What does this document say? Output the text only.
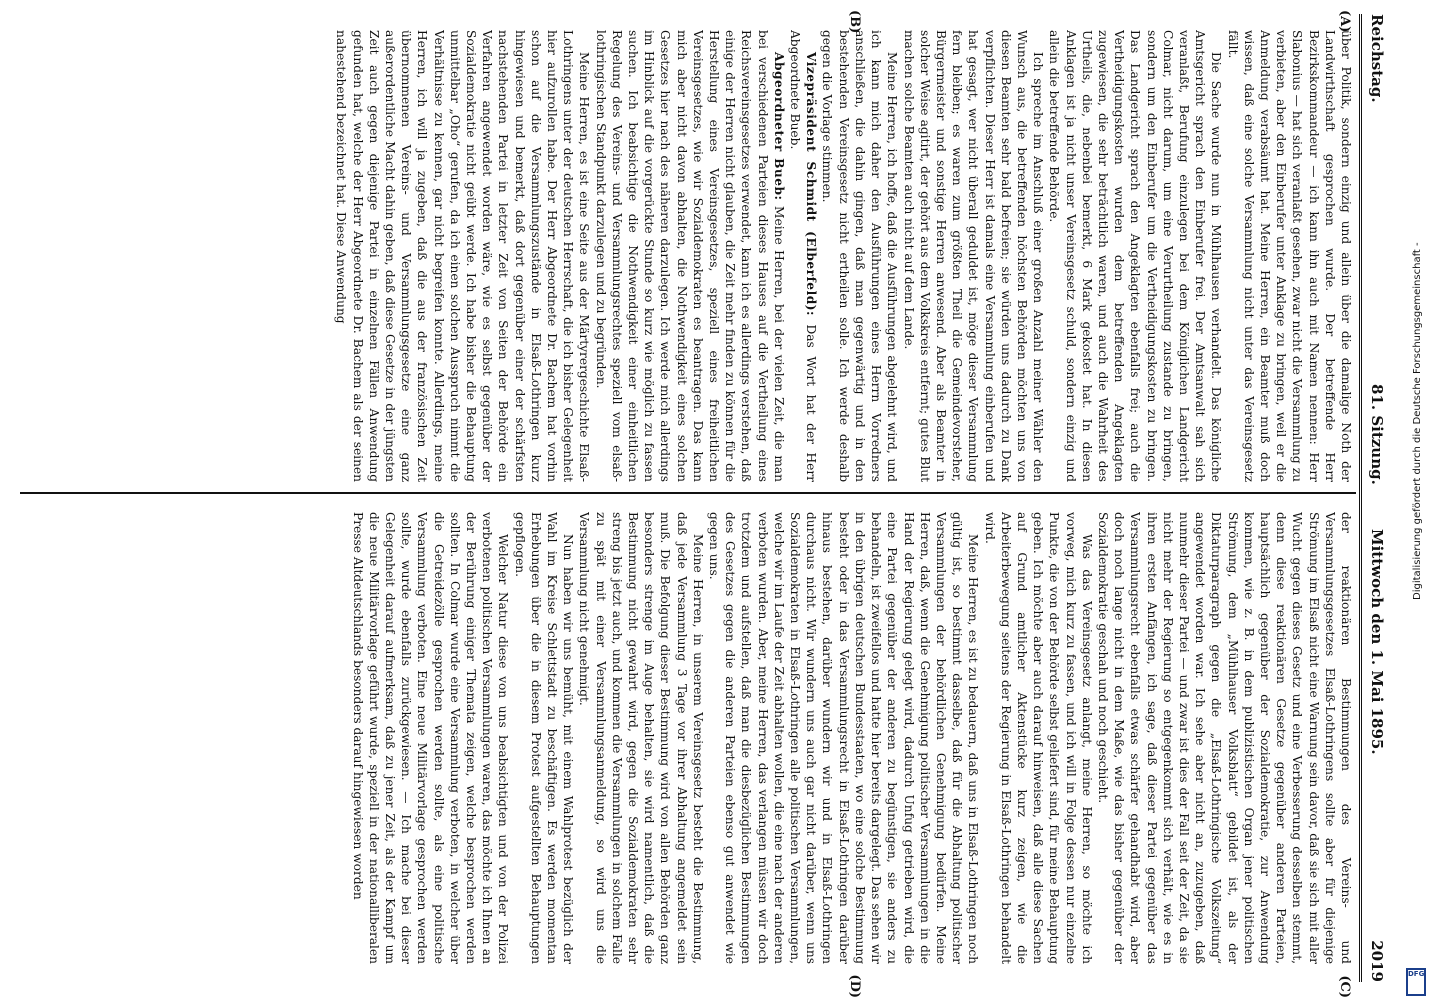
Reichstag.
81. Sitzung.
Mittwoch den 1. Mai 1895.
2019
(A)
(B)
(C)
(D)

über Politik, sondern einzig und allein über die damalige Noth der Landwirthschaft gesprochen wurde. Der betreffende Herr Bezirkskommandeur — ich kann ihn auch mit Namen nennen: Herr Slabonius — hat sich veranlaßt gesehen, zwar nicht die Versammlung zu verbieten, aber den Einberufer unter Anklage zu bringen, weil er die Anmeldung verabsäumt hat. Meine Herren, ein Beamter muß doch wissen, daß eine solche Versammlung nicht unter das Vereinsgesetz fällt.

Die Sache wurde nun in Mühlhausen verhandelt. Das königliche Amtsgericht sprach den Einberufer frei. Der Amtsanwalt sah sich veranlaßt, Berufung einzulegen bei dem Königlichen Landgericht Colmar, nicht darum, um eine Verurtheilung zustande zu bringen, sondern um den Einberufer um die Vertheidigungskosten zu bringen. Das Landgericht sprach den Angeklagten ebenfalls frei; auch die Vertheidigungskosten wurden dem betreffenden Angeklagten zugewiesen, die sehr beträchtlich waren, und auch die Wahrheit des Urtheils, die, nebenbei bemerkt, 6 Mark gekostet hat. In diesen Anklagen ist ja nicht unser Vereinsgesetz schuld, sondern einzig und allein die betreffende Behörde.

Ich spreche im Anschluß einer großen Anzahl meiner Wähler den Wunsch aus, die betreffenden höchsten Behörden möchten uns von diesen Beamten sehr bald befreien; sie würden uns dadurch zu Dank verpflichten. Dieser Herr ist damals eine Versammlung einberufen und hat gesagt, wer nicht überall geduldet ist, möge dieser Versammlung fern bleiben; es waren zum größten Theil die Gemeindevorsteher, Bürgermeister und sonstige Herren anwesend. Aber als Beamter in solcher Weise agitirt, der gehört aus dem Volkskreis entfernt; gutes Blut machen solche Beamten auch nicht auf dem Lande.

Meine Herren, ich hoffe, daß die Ausführungen abgelehnt wird, und ich kann mich daher den Ausführungen eines Herrn Vorredners anschließen, die dahin gingen, daß man gegenwärtig und in den bestehenden Vereinsgesetz nicht ertheilen solle. Ich werde deshalb gegen die Vorlage stimmen.

Vizepräsident Schmidt (Elberfeld): Das Wort hat der Herr Abgeordnete Bueb.

Abgeordneter Bueb: Meine Herren, bei der vielen Zeit, die man bei verschiedenen Parteien dieses Hauses auf die Vertheilung eines Reichsvereinsgesetzes verwendet, kann ich es allerdings verstehen, daß einige der Herren nicht glauben, die Zeit mehr finden zu können für die Herstellung eines Vereinsgesetzes, speziell eines freiheitlichen Vereinsgesetzes, wie wir Sozialdemokraten es beantragen. Das kann mich aber nicht davon abhalten, die Nothwendigkeit eines solchen Gesetzes hier nach des näheren darzulegen. Ich werde mich allerdings im Hinblick auf die vorgerückte Stunde so kurz wie möglich zu fassen suchen. Ich beabsichtige die Nothwendigkeit einer einheitlichen Regelung des Vereins- und Versammlungsrechtes speziell vom elsaß-lothringischen Standpunkt darzulegen und zu begründen.

Meine Herren, es ist eine Seite aus der Märtyrergeschichte Elsaß-Lothringens unter der deutschen Herrschaft, die ich bisher Gelegenheit hier aufzurollen habe. Der Herr Abgeordnete Dr. Bachem hat vorhin schon auf die Versammlungszustände in Elsaß-Lothringen kurz hingewiesen und bemerkt, daß dort gegenüber einer der schärfsten nachstehenden Partei in letzter Zeit von Seiten der Behörde ein Verfahren angewendet worden wäre, wie es selbst gegenüber der Sozialdemokratie nicht geübt werde. Ich habe bisher die Behauptung unmittelbar „Oho“ gerufen, da ich einen solchen Ausspruch nimmt die Verhältnisse zu kennen, gar nicht begreifen konnte. Allerdings, meine Herren, ich will ja zugeben, daß die aus der französischen Zeit übernommenen Vereins- und Versammlungsgesetze eine ganz außerordentliche Macht dahin geben, daß diese Gesetze in der jüngsten Zeit auch gegen diejenige Partei in einzelnen Fällen Anwendung gefunden hat, welche der Herr Abgeordnete Dr. Bachem als der seinen nahestehend bezeichnet hat. Diese Anwendung

der reaktionären Bestimmungen des Vereins- und Versammlungsgesetzes Elsaß-Lothringens sollte aber für diejenige Strömung im Elsaß nicht eine Warnung sein davor, daß sie sich mit aller Wucht gegen dieses Gesetz und eine Verbesserung desselben stemmt, denn diese reaktionären Gesetze gegenüber anderen Parteien, hauptsächlich gegenüber der Sozialdemokratie, zur Anwendung kommen, wie z. B. in dem publizistischen Organ jener politischen Strömung, dem „Mühlhauser Volksblatt“ gebildet ist, als der Diktaturparagraph gegen die „Elsaß-Lothringische Volkszeitung“ angewendet worden war. Ich sehe aber nicht an, zuzugeben, daß nunmehr dieser Partei — und zwar ist dies der Fall seit der Zeit, da sie nicht mehr der Regierung so entgegenkommt sich verhält, wie es in ihren ersten Anfängen, ich sage, daß dieser Partei gegenüber das Versammlungsrecht ebenfalls etwas schärfer gehandhabt wird, aber doch noch lange nicht in dem Maße, wie das bisher gegenüber der Sozialdemokratie geschah und noch geschieht.

Was das Vereinsgesetz anlangt, meine Herren, so möchte ich vorweg, mich kurz zu fassen, und ich will in Folge dessen nur einzelne Punkte, die von der Behörde selbst geliefert sind, für meine Behauptung geben. Ich möchte aber auch darauf hinweisen, daß alle diese Sachen auf Grund amtlicher Aktenstücke kurz zeigen, wie die Arbeiterbewegung seitens der Regierung in Elsaß-Lothringen behandelt wird.

Meine Herren, es ist zu bedauern, daß uns in Elsaß-Lothringen noch gültig ist, so bestimmt dasselbe, daß für die Abhaltung politischer Versammlungen der behördlichen Genehmigung bedürfen. Meine Herren, daß, wenn die Genehmigung politischer Versammlungen in die Hand der Regierung gelegt wird, dadurch Unfug getrieben wird, die eine Partei gegenüber der anderen zu begünstigen, sie anders zu behandeln, ist zweifellos und hatte hier bereits dargelegt. Das sehen wir in den übrigen deutschen Bundesstaaten, wo eine solche Bestimmung besteht oder in das Versammlungsrecht in Elsaß-Lothringen darüber hinaus bestehen, darüber wundern wir und in Elsaß-Lothringen durchaus nicht. Wir wundern uns auch gar nicht darüber, wenn uns Sozialdemokraten in Elsaß-Lothringen alle politischen Versammlungen, welche wir im Laufe der Zeit abhalten wollen, die eine nach der anderen verboten wurden. Aber, meine Herren, das verlangen müssen wir doch trotzdem und aufstellen, daß man die diesbezüglichen Bestimmungen des Gesetzes gegen die anderen Parteien ebenso gut anwendet wie gegen uns.

Meine Herren, in unserem Vereinsgesetz besteht die Bestimmung, daß jede Versammlung 3 Tage vor ihrer Abhaltung angemeldet sein muß. Die Befolgung dieser Bestimmung wird von allen Behörden ganz besonders strenge im Auge behalten, sie wird namentlich, daß die Bestimmung nicht gewahrt wird, gegen die Sozialdemokraten sehr streng bis jetzt auch, und kommen die Versammlungen in solchem Falle zu spät mit einer Versammlungsanmeldung, so wird uns die Versammlung nicht genehmigt.

Nun haben wir uns bemüht, mit einem Wahlprotest bezüglich der Wahl im Kreise Schlettstadt zu beschäftigen. Es werden momentan Erhebungen über die in diesem Protest aufgestellten Behauptungen gepflogen.

Welcher Natur diese von uns beabsichtigten und von der Polizei verbotenen politischen Versammlungen waren, das möchte ich Ihnen an der Berührung einiger Themata zeigen, welche besprochen werden sollten. In Colmar wurde eine Versammlung verboten, in welcher über die Getreidezölle gesprochen werden sollte, als eine politische Versammlung verboten. Eine neue Militärvorlage gesprochen werden sollte, wurde ebenfalls zurückgewiesen. — Ich mache bei dieser Gelegenheit darauf aufmerksam, daß zu jener Zeit, als der Kampf um die neue Militärvorlage geführt wurde, speziell in der nationalliberalen Presse Altdeutschlands besonders darauf hingewiesen worden

Digitalisierung gefördert durch die Deutsche Forschungsgemeinschaft -
DFG
